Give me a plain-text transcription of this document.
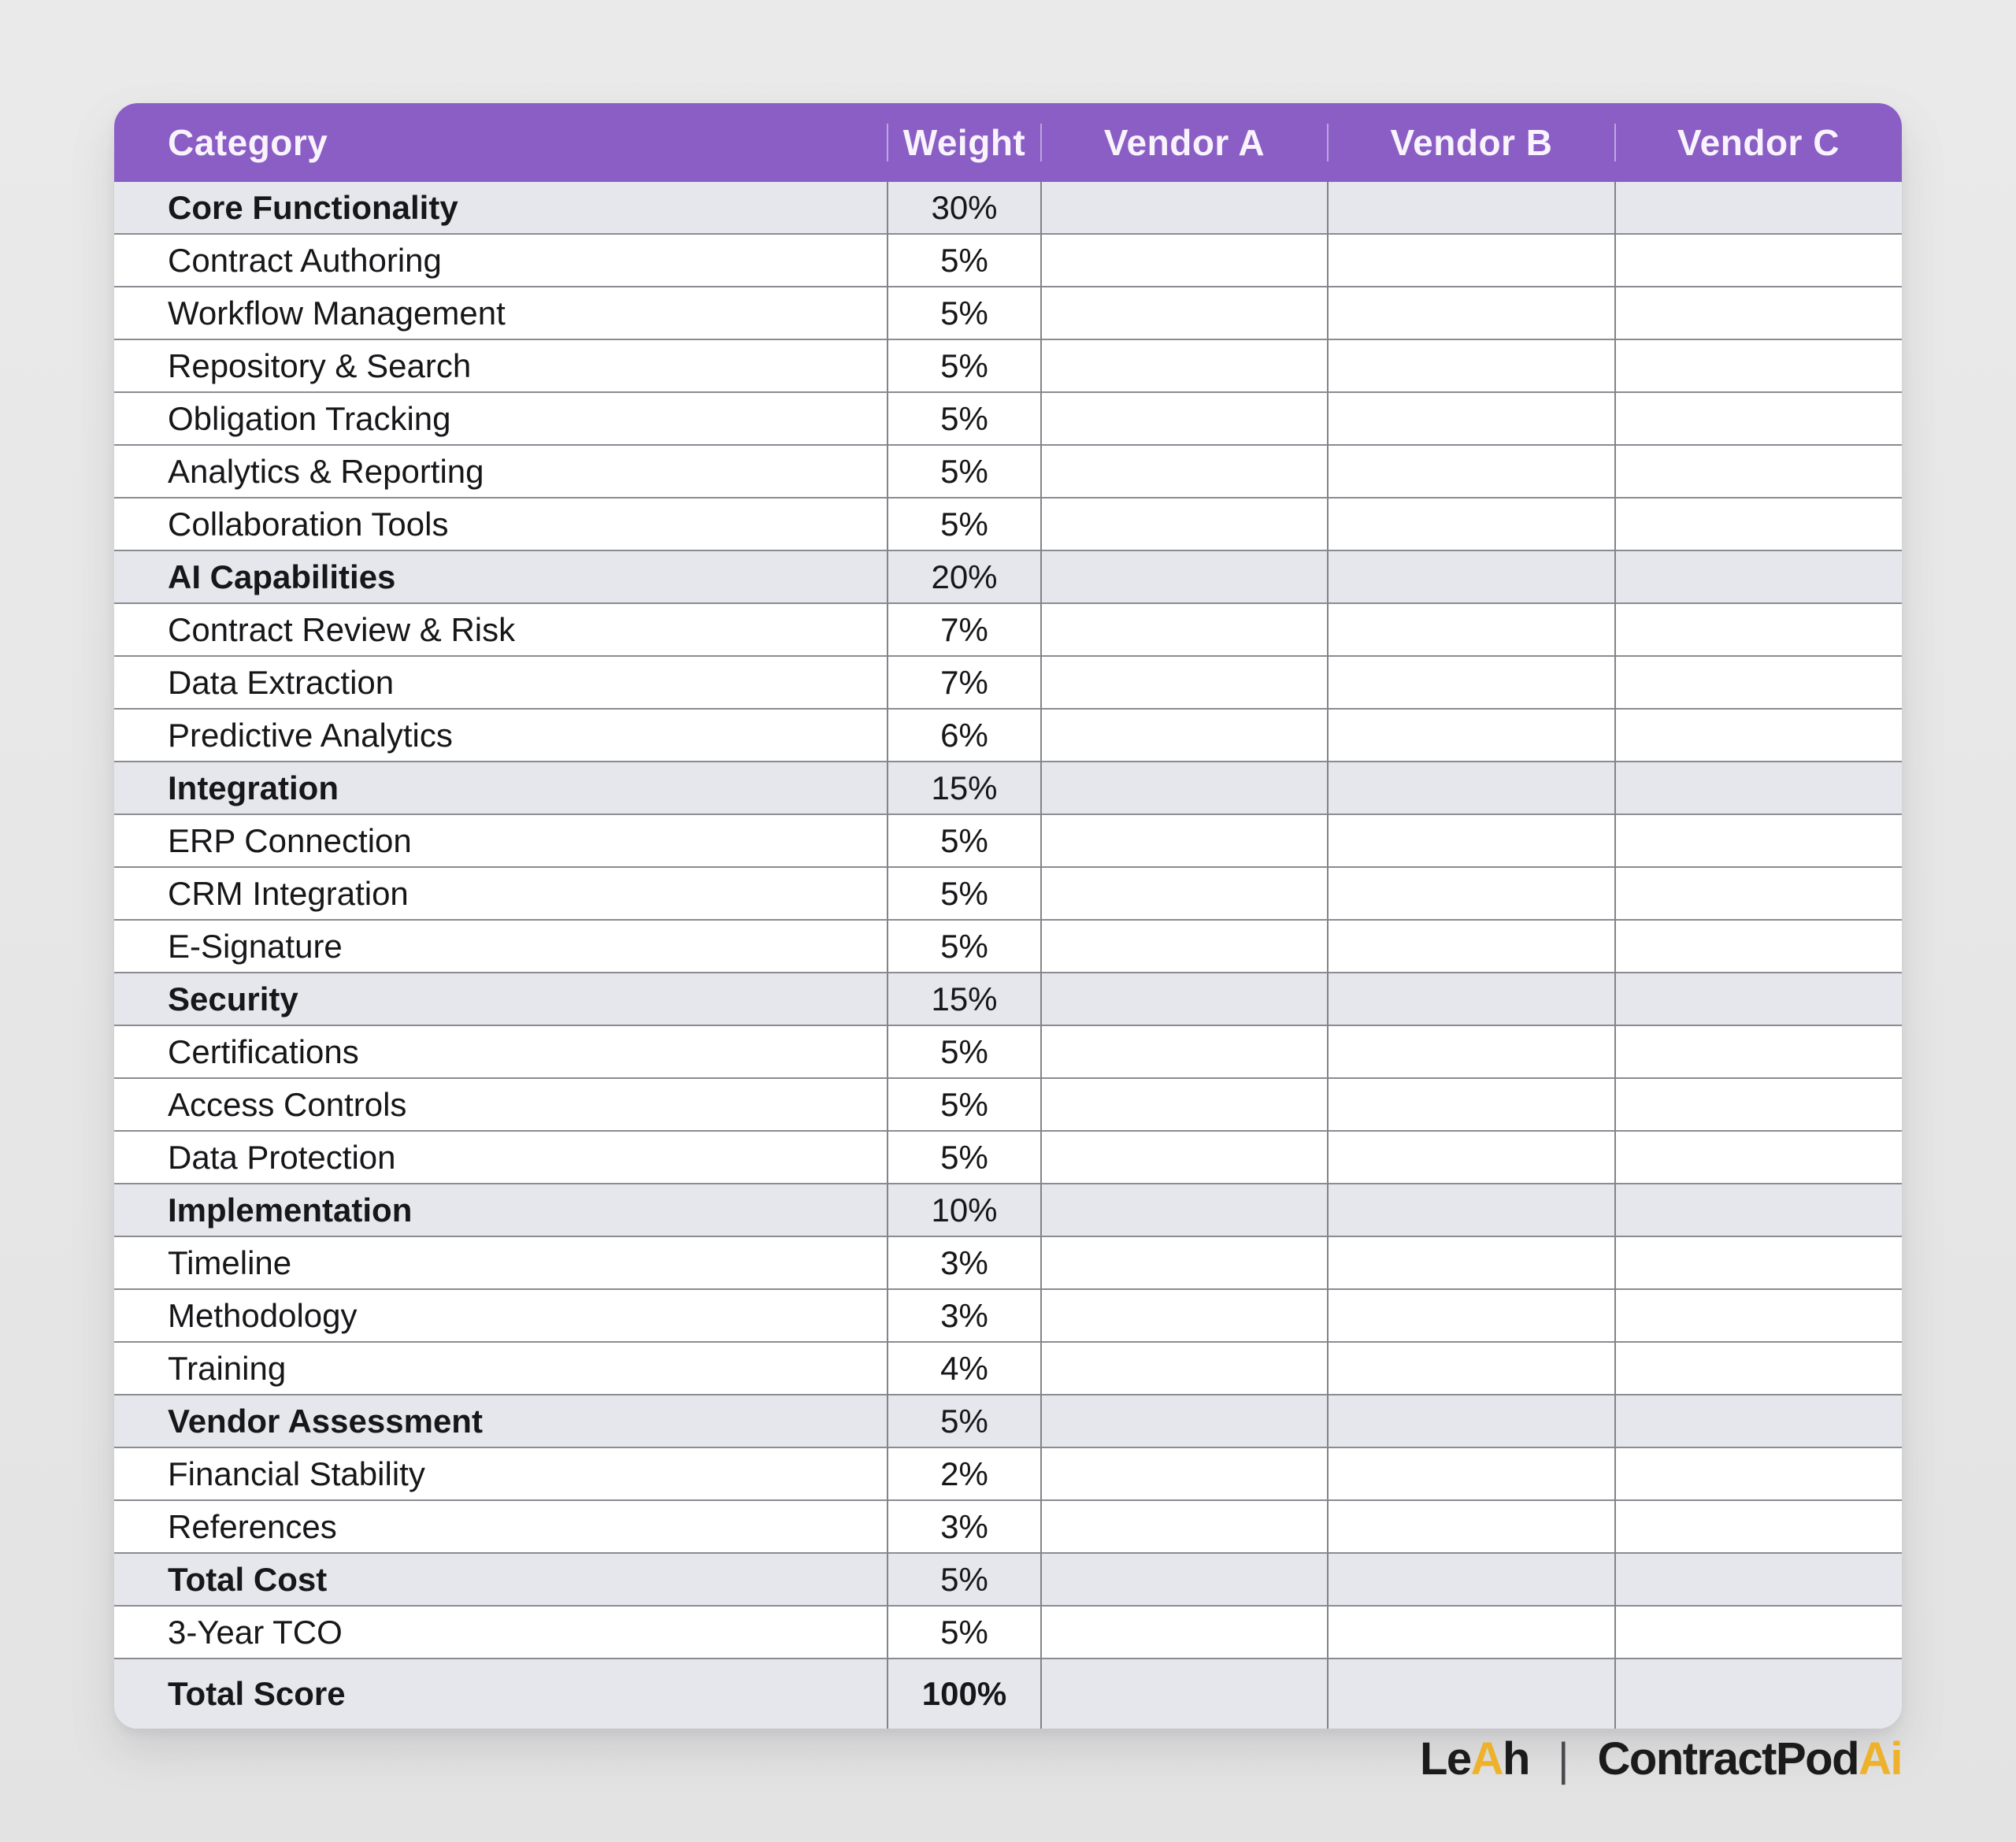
Category	Weight	Vendor A	Vendor B	Vendor C
Core Functionality	30%			
Contract Authoring	5%			
Workflow Management	5%			
Repository & Search	5%			
Obligation Tracking	5%			
Analytics & Reporting	5%			
Collaboration Tools	5%			
AI Capabilities	20%			
Contract Review & Risk	7%			
Data Extraction	7%			
Predictive Analytics	6%			
Integration	15%			
ERP Connection	5%			
CRM Integration	5%			
E-Signature	5%			
Security	15%			
Certifications	5%			
Access Controls	5%			
Data Protection	5%			
Implementation	10%			
Timeline	3%			
Methodology	3%			
Training	4%			
Vendor Assessment	5%			
Financial Stability	2%			
References	3%			
Total Cost	5%			
3-Year TCO	5%			
Total Score	100%			
LeAh | ContractPodAi
